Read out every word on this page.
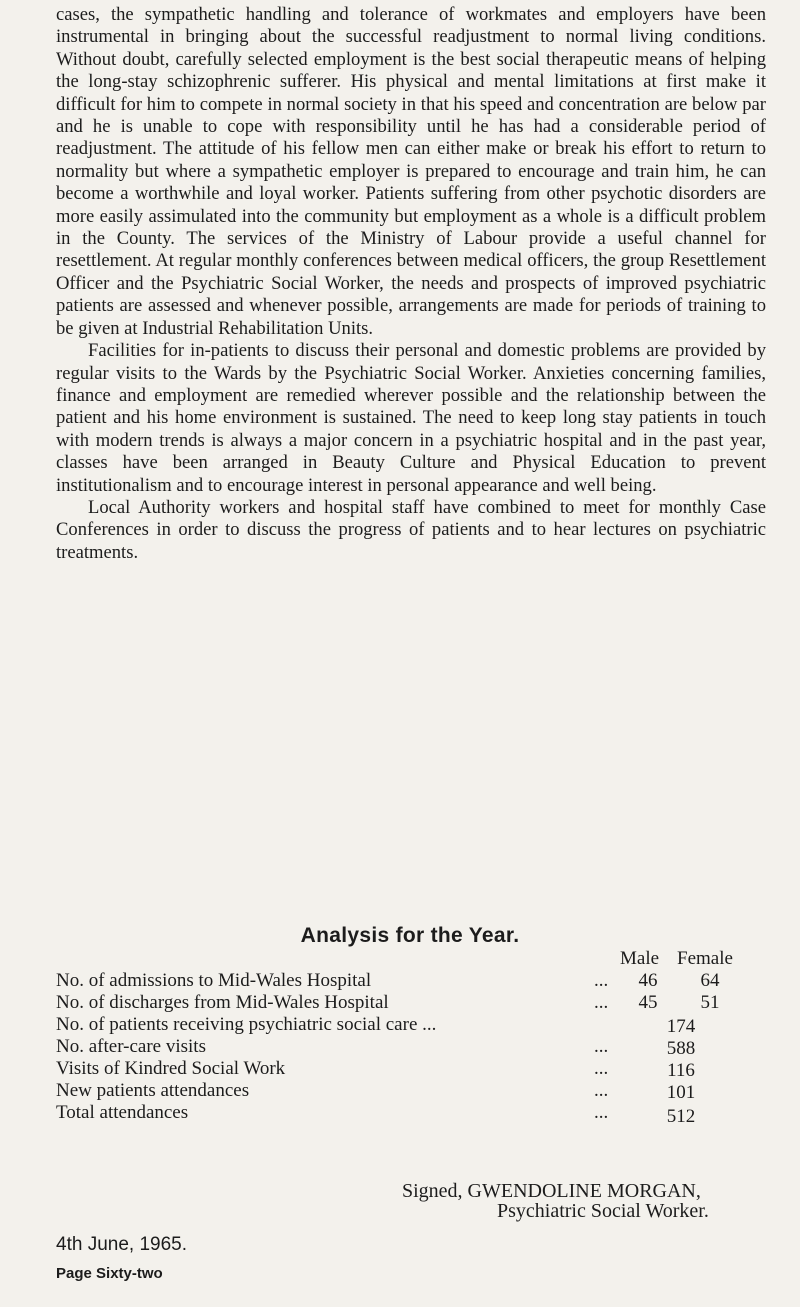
cases, the sympathetic handling and tolerance of workmates and employers have been instrumental in bringing about the successful readjustment to normal living conditions. Without doubt, carefully selected employment is the best social therapeutic means of helping the long-stay schizophrenic sufferer. His physical and mental limitations at first make it difficult for him to compete in normal society in that his speed and concentration are below par and he is unable to cope with responsibility until he has had a considerable period of readjustment. The attitude of his fellow men can either make or break his effort to return to normality but where a sympathetic employer is prepared to encourage and train him, he can become a worthwhile and loyal worker. Patients suffering from other psychotic disorders are more easily assimulated into the community but employment as a whole is a difficult problem in the County. The services of the Ministry of Labour provide a useful channel for resettlement. At regular monthly conferences between medical officers, the group Resettlement Officer and the Psychiatric Social Worker, the needs and prospects of improved psychiatric patients are assessed and whenever possible, arrangements are made for periods of training to be given at Industrial Rehabilitation Units.

Facilities for in-patients to discuss their personal and domestic problems are provided by regular visits to the Wards by the Psychiatric Social Worker. Anxieties concerning families, finance and employment are remedied wherever possible and the relationship between the patient and his home environment is sustained. The need to keep long stay patients in touch with modern trends is always a major concern in a psychiatric hospital and in the past year, classes have been arranged in Beauty Culture and Physical Education to prevent institutionalism and to encourage interest in personal appearance and well being.

Local Authority workers and hospital staff have combined to meet for monthly Case Conferences in order to discuss the progress of patients and to hear lectures on psychiatric treatments.

Analysis for the Year.
Male Female
No. of admissions to Mid-Wales Hospital	...	46	64
No. of discharges from Mid-Wales Hospital	...	45	51
No. of patients receiving psychiatric social care ...	174
No. after-care visits	...	588
Visits of Kindred Social Work	...	116
New patients attendances	...	101
Total attendances	...	512
Signed, GWENDOLINE MORGAN,
Psychiatric Social Worker.
4th June, 1965.
Page Sixty-two
